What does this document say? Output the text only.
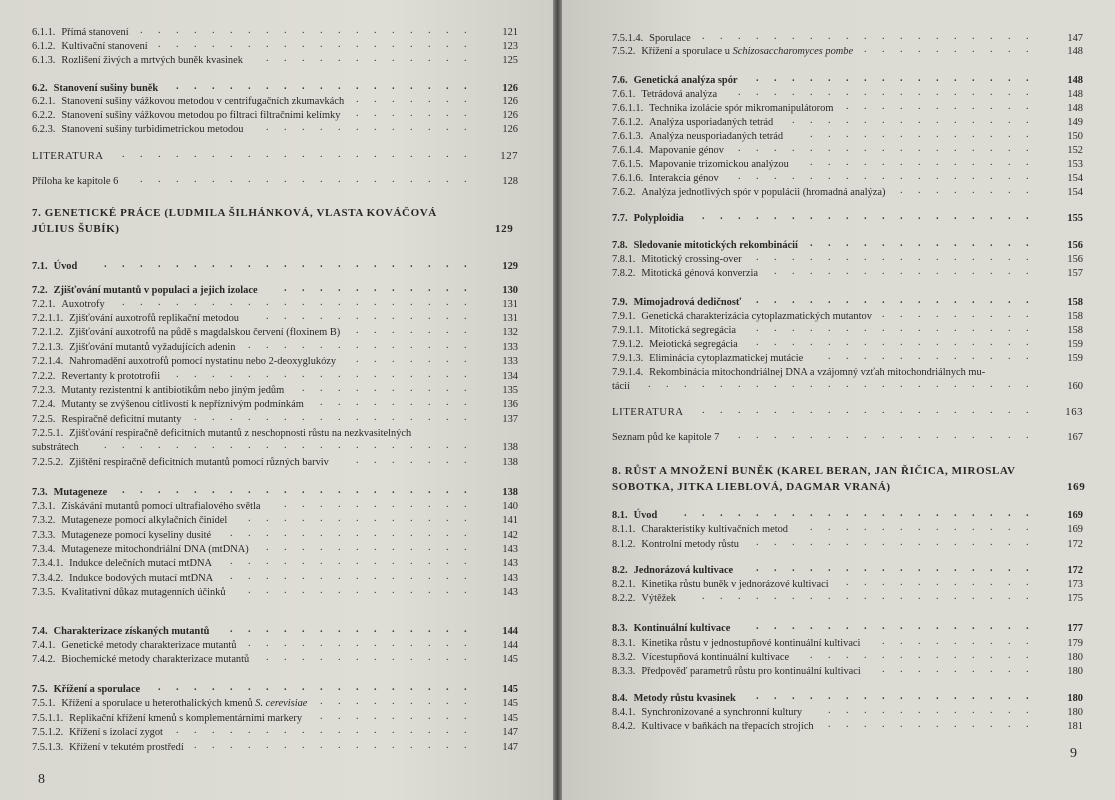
6.1.1. Přímá stanovení	121
. . . . . . . . . . . . . . . . . . .
6.1.2. Kultivační stanovení	123
. . . . . . . . . . . . . . . . . .
6.1.3. Rozlišení živých a mrtvých buněk kvasinek	125
. . . . . . . . . . . .
6.2. Stanovení sušiny buněk	126
. . . . . . . . . . . . . . . . .
6.2.1. Stanovení sušiny vážkovou metodou v centrifugačních zkumavkách	126
. . . . . . .
6.2.2. Stanovení sušiny vážkovou metodou po filtraci filtračními kelímky	126
. . . . . . .
6.2.3. Stanovení sušiny turbidimetrickou metodou	126
. . . . . . . . . . . .
LITERATURA	127
. . . . . . . . . . . . . . . . . . . .
Příloha ke kapitole 6	128
. . . . . . . . . . . . . . . . . . .
7.1. Úvod	129
. . . . . . . . . . . . . . . . . . . . .
7.2. Zjišťování mutantů v populaci a jejich izolace	130
. . . . . . . . . . .
7.2.1. Auxotrofy	131
. . . . . . . . . . . . . . . . . . . .
7.2.1.1. Zjišťování auxotrofů replikační metodou	131
. . . . . . . . . . . .
7.2.1.2. Zjišťování auxotrofů na půdě s magdalskou červení (floxinem B)	132
. . . . . . .
7.2.1.3. Zjišťování mutantů vyžadujících adenin	133
. . . . . . . . . . . . .
7.2.1.4. Nahromadění auxotrofů pomocí nystatinu nebo 2-deoxyglukózy	133
. . . . . . .
7.2.2. Revertanty k prototrofii	134
. . . . . . . . . . . . . . . . .
7.2.3. Mutanty rezistentní k antibiotikům nebo jiným jedům	135
. . . . . . . . . .
7.2.4. Mutanty se zvýšenou citlivostí k nepříznivým podmínkám	136
. . . . . . . . .
7.2.5. Respiračně deficitní mutanty	137
. . . . . . . . . . . . . . . .
7.2.5.1. Zjišťování respiračně deficitních mutantů z neschopnosti růstu na nezkvasitelných
substrátech	138
. . . . . . . . . . . . . . . . . . . . .
7.2.5.2. Zjištění respiračně deficitních mutantů pomocí různých barviv	138
. . . . . . .
7.3. Mutageneze	138
. . . . . . . . . . . . . . . . . . . .
7.3.1. Získávání mutantů pomocí ultrafialového světla	140
. . . . . . . . . . .
7.3.2. Mutageneze pomocí alkylačních činidel	141
. . . . . . . . . . . . .
7.3.3. Mutageneze pomocí kyseliny dusité	142
. . . . . . . . . . . . . .
7.3.4. Mutageneze mitochondriální DNA (mtDNA)	143
. . . . . . . . . . . .
7.3.4.1. Indukce delečních mutací mtDNA	143
. . . . . . . . . . . . . .
7.3.4.2. Indukce bodových mutací mtDNA	143
. . . . . . . . . . . . . .
7.3.5. Kvalitativní důkaz mutagenních účinků	143
. . . . . . . . . . . . .
7.4. Charakterizace získaných mutantů	144
. . . . . . . . . . . . . .
7.4.1. Genetické metody charakterizace mutantů	144
. . . . . . . . . . . . .
7.4.2. Biochemické metody charakterizace mutantů	145
. . . . . . . . . . . .
7.5. Křížení a sporulace	145
. . . . . . . . . . . . . . . . . .
7.5.1. Křížení a sporulace u heterothalických kmenů S. cerevisiae	145
. . . . . . . . .
7.5.1.1. Replikační křížení kmenů s komplementárními markery	145
. . . . . . . . .
7.5.1.2. Křížení s izolací zygot	147
. . . . . . . . . . . . . . . . .
7.5.1.3. Křížení v tekutém prostředí	147
. . . . . . . . . . . . . . . .
7. GENETICKÉ PRÁCE (LUDMILA ŠILHÁNKOVÁ, VLASTA KOVÁČOVÁ
JÚLIUS ŠUBÍK)	129
8
7.5.1.4. Sporulace	147
. . . . . . . . . . . . . . . . . . .
7.5.2. Křížení a sporulace u Schizosaccharomyces pombe	148
. . . . . . . . . .
7.6. Genetická analýza spór	148
. . . . . . . . . . . . . . . .
7.6.1. Tetrádová analýza	148
. . . . . . . . . . . . . . . . .
7.6.1.1. Technika izolácie spór mikromanipulátorom	148
. . . . . . . . . . .
7.6.1.2. Analýza usporiadaných tetrád	149
. . . . . . . . . . . . . .
7.6.1.3. Analýza neusporiadaných tetrád	150
. . . . . . . . . . . . .
7.6.1.4. Mapovanie génov	152
. . . . . . . . . . . . . . . . .
7.6.1.5. Mapovanie trizomickou analýzou	153
. . . . . . . . . . . . .
7.6.1.6. Interakcia génov	154
. . . . . . . . . . . . . . . . .
7.6.2. Analýza jednotlivých spór v populácii (hromadná analýza)	154
. . . . . . . .
7.7. Polyploidia	155
. . . . . . . . . . . . . . . . . . .
7.8. Sledovanie mitotických rekombinácií	156
. . . . . . . . . . . . .
7.8.1. Mitotický crossing-over	156
. . . . . . . . . . . . . . . .
7.8.2. Mitotická génová konverzia	157
. . . . . . . . . . . . . . .
7.9. Mimojadrová dedičnosť	158
. . . . . . . . . . . . . . . .
7.9.1. Genetická charakterizácia cytoplazmatických mutantov	158
. . . . . . . . .
7.9.1.1. Mitotická segregácia	158
. . . . . . . . . . . . . . . .
7.9.1.2. Meiotická segregácia	159
. . . . . . . . . . . . . . . .
7.9.1.3. Eliminácia cytoplazmatickej mutácie	159
. . . . . . . . . . . .
7.9.1.4. Rekombinácia mitochondriálnej DNA a vzájomný vzťah mitochondriálnych mu-
tácií	160
. . . . . . . . . . . . . . . . . . . . . .
LITERATURA	163
. . . . . . . . . . . . . . . . . . .
Seznam půd ke kapitole 7	167
. . . . . . . . . . . . . . . . .
8.1. Úvod	169
. . . . . . . . . . . . . . . . . . . .
8.1.1. Charakteristiky kultivačních metod	169
. . . . . . . . . . . . .
8.1.2. Kontrolní metody růstu	172
. . . . . . . . . . . . . . . .
8.2. Jednorázová kultivace	172
. . . . . . . . . . . . . . . .
8.2.1. Kinetika růstu buněk v jednorázové kultivaci	173
. . . . . . . . . . .
8.2.2. Výtěžek	175
. . . . . . . . . . . . . . . . . . .
8.3. Kontinuální kultivace	177
. . . . . . . . . . . . . . . .
8.3.1. Kinetika růstu v jednostupňové kontinuální kultivaci	179
. . . . . . . . .
8.3.2. Vícestupňová kontinuální kultivace	180
. . . . . . . . . . . . .
8.3.3. Předpověď parametrů růstu pro kontinuální kultivaci	180
. . . . . . . . .
8.4. Metody růstu kvasinek	180
. . . . . . . . . . . . . . . .
8.4.1. Synchronizované a synchronní kultury	180
. . . . . . . . . . . .
8.4.2. Kultivace v baňkách na třepacích strojích	181
. . . . . . . . . . . .
8. RŮST A MNOŽENÍ BUNĚK (KAREL BERAN, JAN ŘIČICA, MIROSLAV
SOBOTKA, JITKA LIEBLOVÁ, DAGMAR VRANÁ)	169
9
